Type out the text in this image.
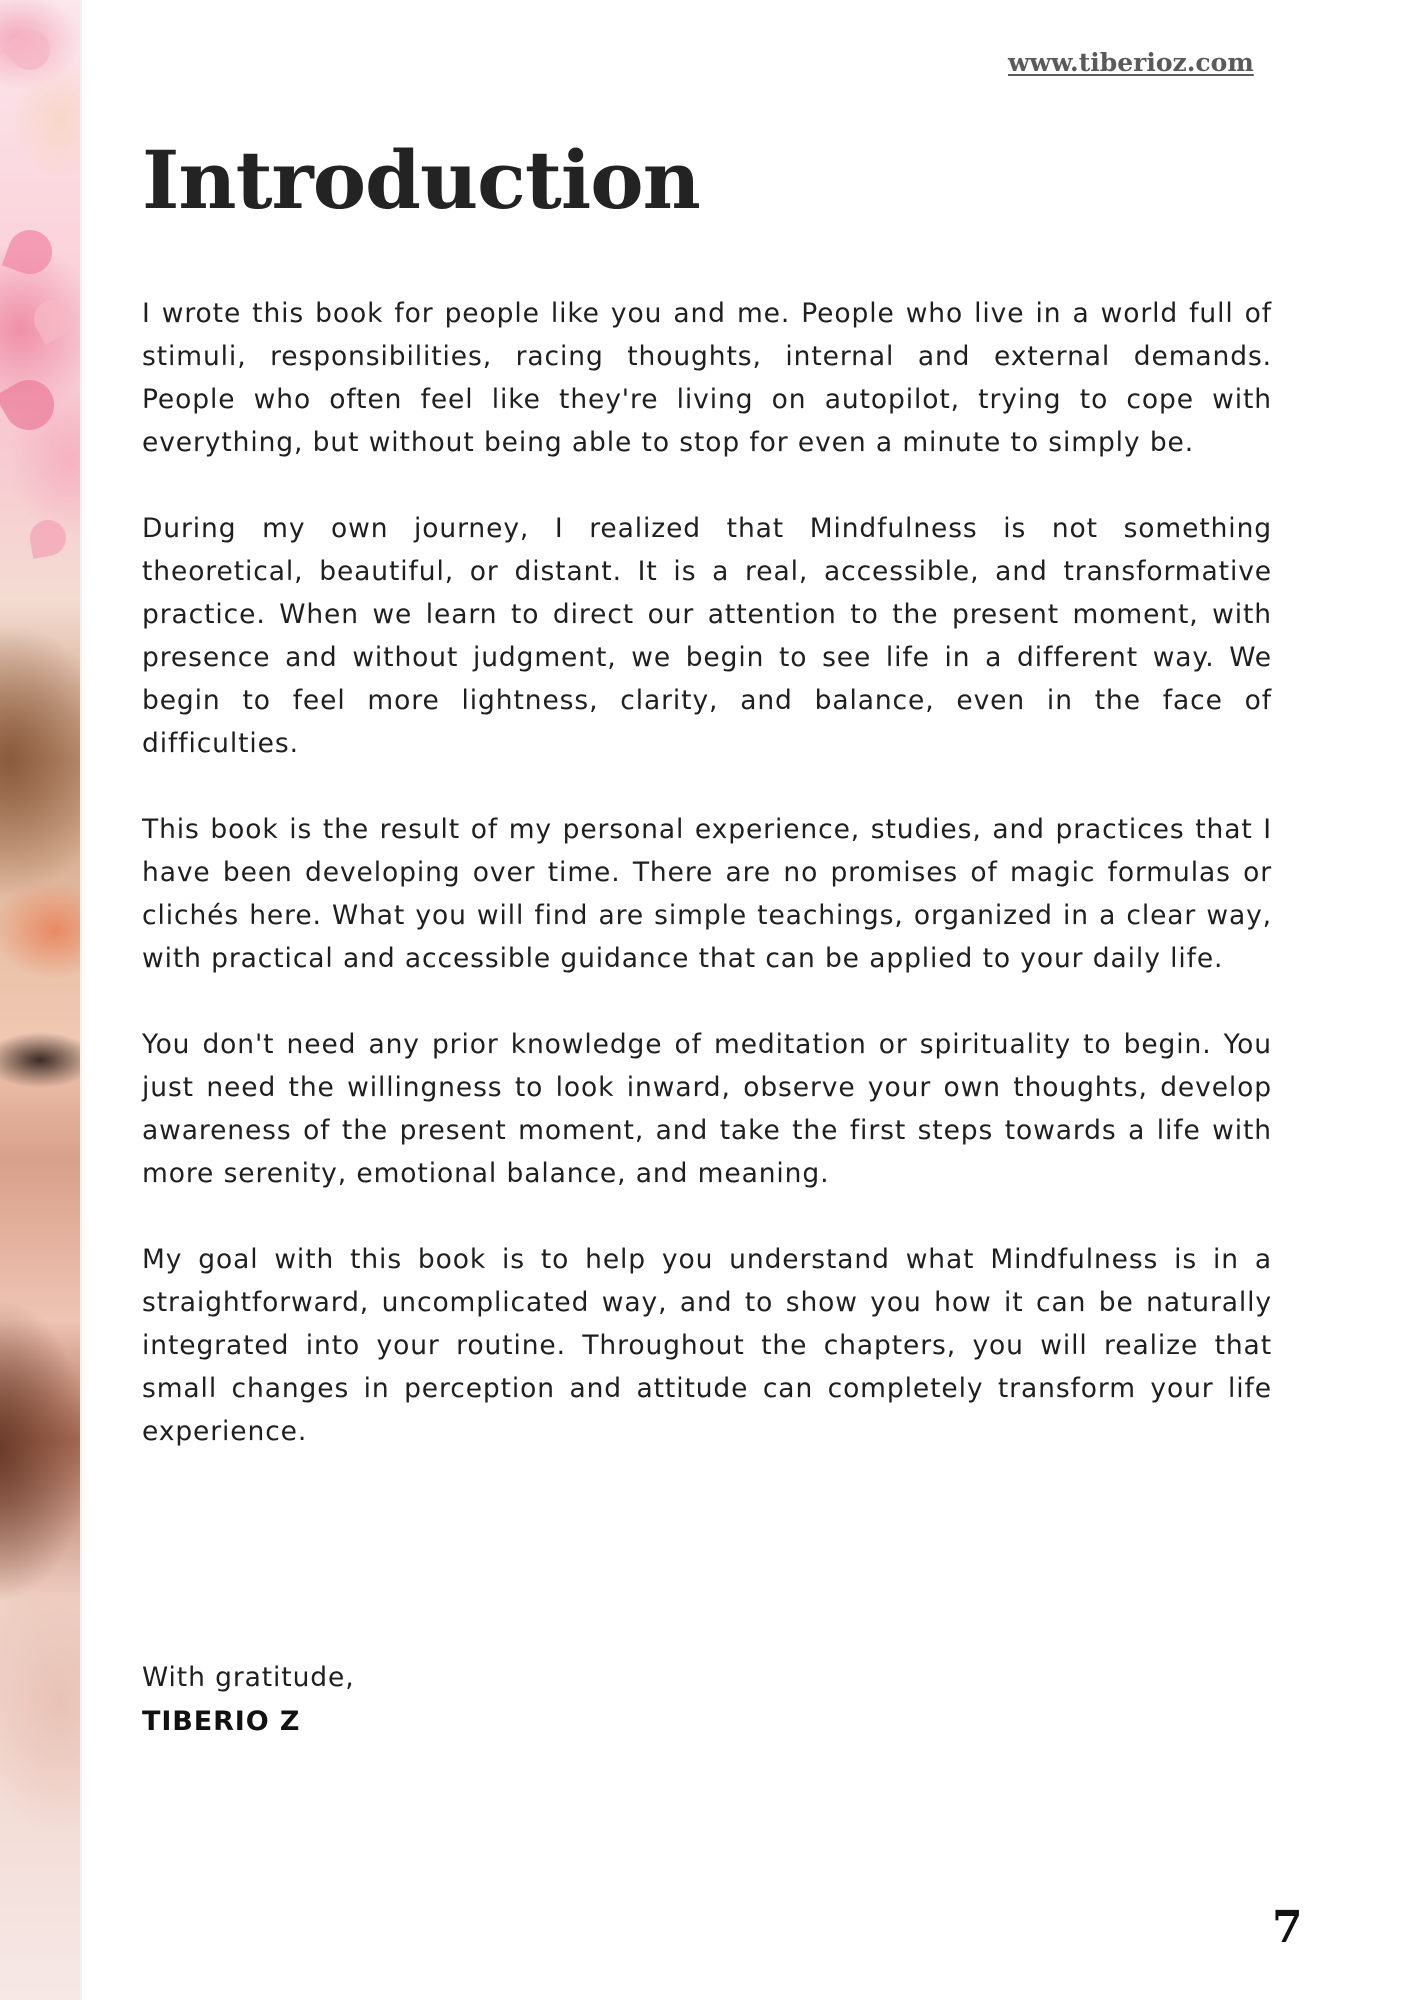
www.tiberioz.com
Introduction

I wrote this book for people like you and me. People who live in a world full of stimuli, responsibilities, racing thoughts, internal and external demands. People who often feel like they're living on autopilot, trying to cope with everything, but without being able to stop for even a minute to simply be.

During my own journey, I realized that Mindfulness is not something theoretical, beautiful, or distant. It is a real, accessible, and transformative practice. When we learn to direct our attention to the present moment, with presence and without judgment, we begin to see life in a different way. We begin to feel more lightness, clarity, and balance, even in the face of difficulties.

This book is the result of my personal experience, studies, and practices that I have been developing over time. There are no promises of magic formulas or clichés here. What you will find are simple teachings, organized in a clear way, with practical and accessible guidance that can be applied to your daily life.

You don't need any prior knowledge of meditation or spirituality to begin. You just need the willingness to look inward, observe your own thoughts, develop awareness of the present moment, and take the first steps towards a life with more serenity, emotional balance, and meaning.

My goal with this book is to help you understand what Mindfulness is in a straightforward, uncomplicated way, and to show you how it can be naturally integrated into your routine. Throughout the chapters, you will realize that small changes in perception and attitude can completely transform your life experience.

With gratitude,
TIBERIO Z
7
